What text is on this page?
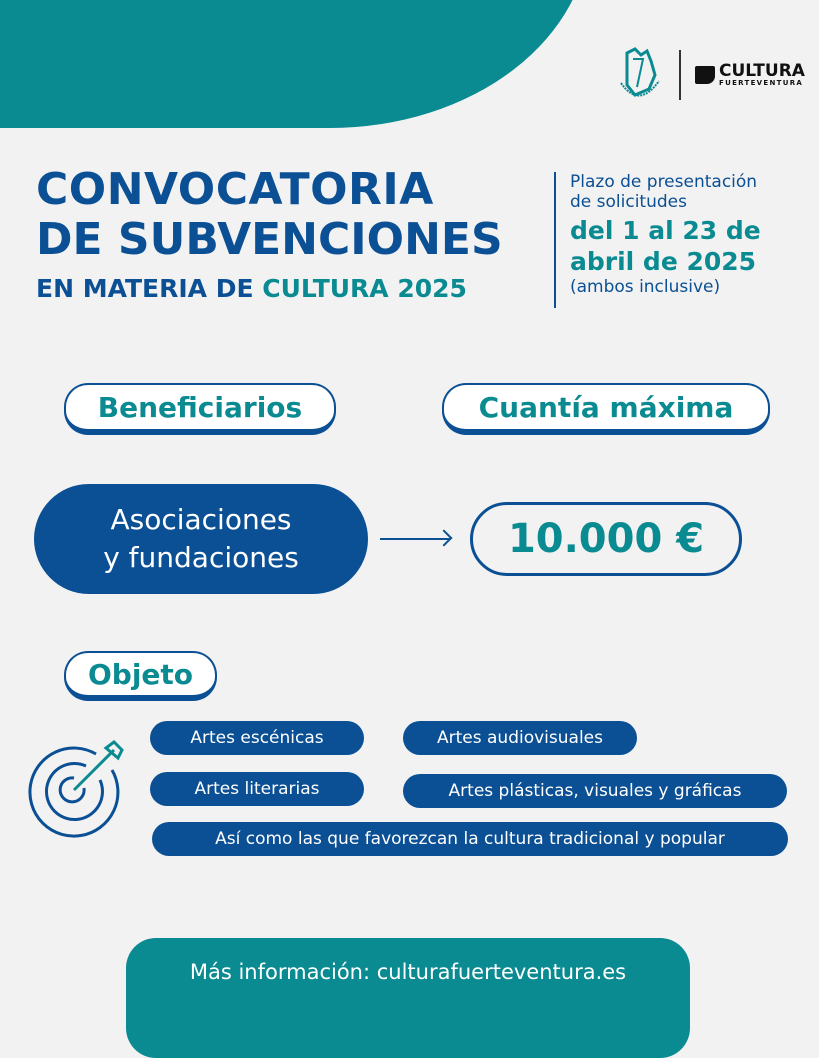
CULTURA
FUERTEVENTURA
CONVOCATORIA
DE SUBVENCIONES
EN MATERIA DE CULTURA 2025
Plazo de presentación
de solicitudes
del 1 al 23 de
abril de 2025
(ambos inclusive)
Beneficiarios	Cuantía máxima
Asociaciones
y fundaciones	10.000 €
Objeto
Artes escénicas	Artes audiovisuales
Artes literarias	Artes plásticas, visuales y gráficas
Así como las que favorezcan la cultura tradicional y popular
Más información: culturafuerteventura.es
